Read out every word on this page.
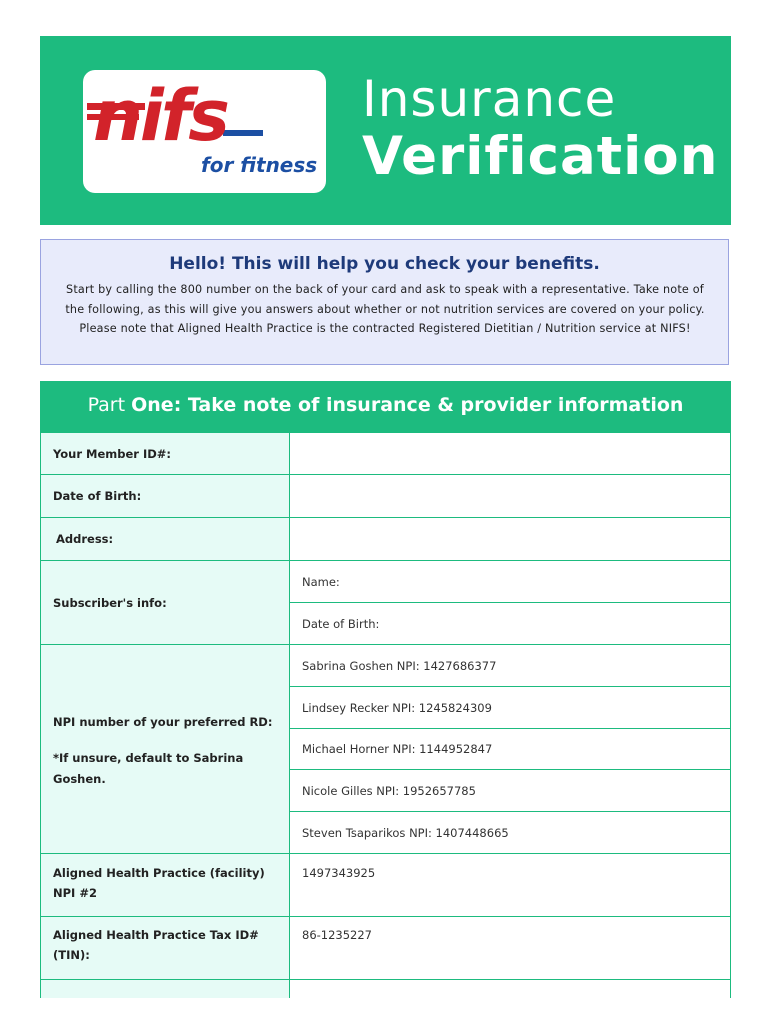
nifs
for fitness
Insurance
Verification
Hello! This will help you check your benefits.
Start by calling the 800 number on the back of your card and ask to speak with a representative. Take note of the following, as this will give you answers about whether or not nutrition services are covered on your policy. Please note that Aligned Health Practice is the contracted Registered Dietitian / Nutrition service at NIFS!
Part One: Take note of insurance & provider information
Your Member ID#:
Date of Birth:
Address:
Subscriber's info:
Name:
Date of Birth:
NPI number of your preferred RD:
*If unsure, default to Sabrina Goshen.
Sabrina Goshen NPI: 1427686377
Lindsey Recker NPI: 1245824309
Michael Horner NPI: 1144952847
Nicole Gilles NPI: 1952657785
Steven Tsaparikos NPI: 1407448665
Aligned Health Practice (facility) NPI #2
1497343925
Aligned Health Practice Tax ID# (TIN):
86-1235227
